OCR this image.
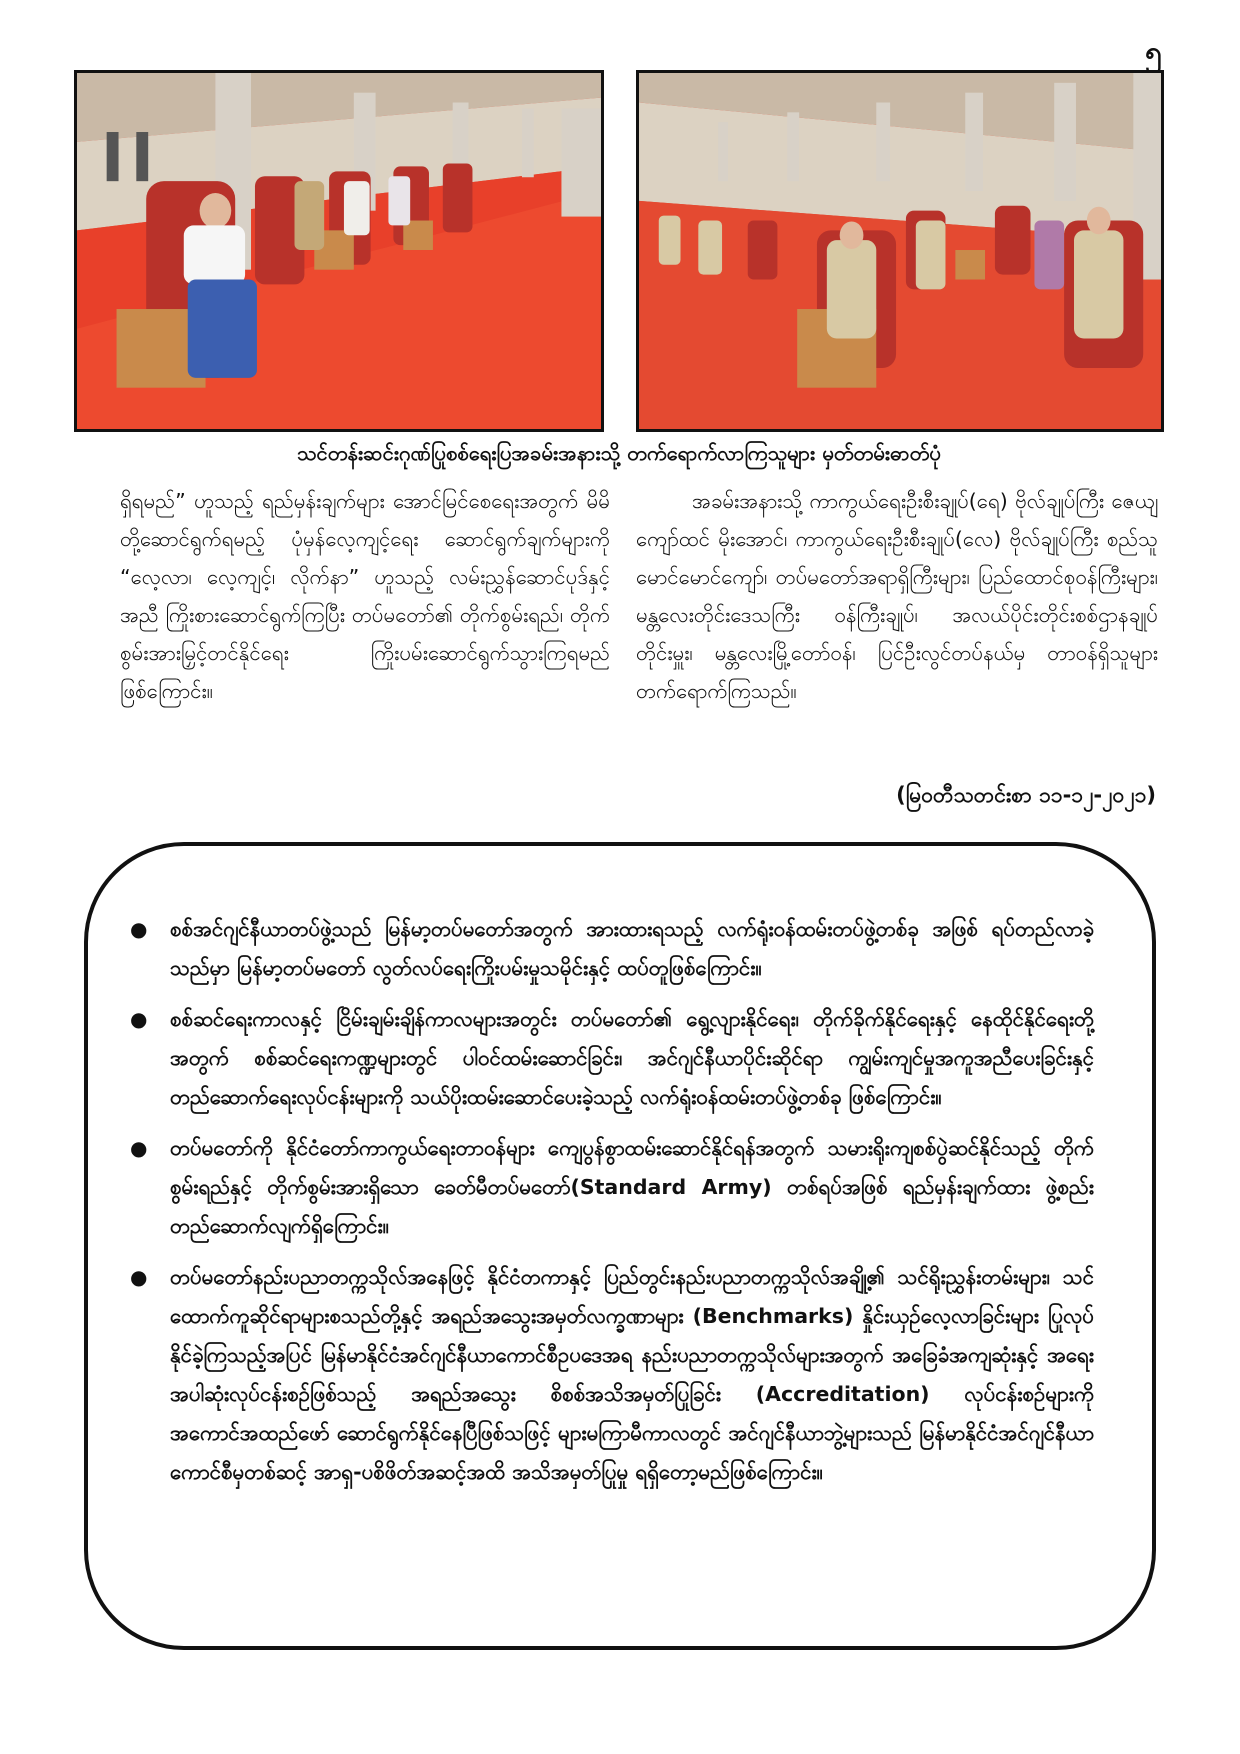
၅
သင်တန်းဆင်းဂုဏ်ပြုစစ်ရေးပြအခမ်းအနားသို့ တက်ရောက်လာကြသူများ မှတ်တမ်းဓာတ်ပုံ

ရှိရမည်” ဟူသည့် ရည်မှန်းချက်များ အောင်မြင်စေရေးအတွက် မိမိတို့ဆောင်ရွက်ရမည့် ပုံမှန်လေ့ကျင့်ရေး ဆောင်ရွက်ချက်များကို “လေ့လာ၊ လေ့ကျင့်၊ လိုက်နာ” ဟူသည့် လမ်းညွှန်ဆောင်ပုဒ်နှင့်အညီ ကြိုးစားဆောင်ရွက်ကြပြီး တပ်မတော်၏ တိုက်စွမ်းရည်၊ တိုက်စွမ်းအားမြှင့်တင်နိုင်ရေး ကြိုးပမ်းဆောင်ရွက်သွားကြရမည်ဖြစ်ကြောင်း။

အခမ်းအနားသို့ ကာကွယ်ရေးဦးစီးချုပ်(ရေ) ဗိုလ်ချုပ်ကြီး ဇေယျကျော်ထင် မိုးအောင်၊ ကာကွယ်ရေးဦးစီးချုပ်(လေ) ဗိုလ်ချုပ်ကြီး စည်သူ မောင်မောင်ကျော်၊ တပ်မတော်အရာရှိကြီးများ၊ ပြည်ထောင်စုဝန်ကြီးများ၊ မန္တလေးတိုင်းဒေသကြီး ဝန်ကြီးချုပ်၊ အလယ်ပိုင်းတိုင်းစစ်ဌာနချုပ် တိုင်းမှူး၊ မန္တလေးမြို့တော်ဝန်၊ ပြင်ဦးလွင်တပ်နယ်မှ တာဝန်ရှိသူများ တက်ရောက်ကြသည်။

(မြဝတီသတင်းစာ ၁၁-၁၂-၂၀၂၁)
● စစ်အင်ဂျင်နီယာတပ်ဖွဲ့သည် မြန်မာ့တပ်မတော်အတွက် အားထားရသည့် လက်ရုံးဝန်ထမ်းတပ်ဖွဲ့တစ်ခု အဖြစ် ရပ်တည်လာခဲ့သည်မှာ မြန်မာ့တပ်မတော် လွတ်လပ်ရေးကြိုးပမ်းမှုသမိုင်းနှင့် ထပ်တူဖြစ်ကြောင်း။
● စစ်ဆင်ရေးကာလနှင့် ငြိမ်းချမ်းချိန်ကာလများအတွင်း တပ်မတော်၏ ရွေ့လျားနိုင်ရေး၊ တိုက်ခိုက်နိုင်ရေးနှင့် နေထိုင်နိုင်ရေးတို့အတွက် စစ်ဆင်ရေးကဏ္ဍများတွင် ပါဝင်ထမ်းဆောင်ခြင်း၊ အင်ဂျင်နီယာပိုင်းဆိုင်ရာ ကျွမ်းကျင်မှုအကူအညီပေးခြင်းနှင့် တည်ဆောက်ရေးလုပ်ငန်းများကို သယ်ပိုးထမ်းဆောင်ပေးခဲ့သည့် လက်ရုံးဝန်ထမ်းတပ်ဖွဲ့တစ်ခု ဖြစ်ကြောင်း။
● တပ်မတော်ကို နိုင်ငံတော်ကာကွယ်ရေးတာဝန်များ ကျေပွန်စွာထမ်းဆောင်နိုင်ရန်အတွက် သမားရိုးကျစစ်ပွဲဆင်နိုင်သည့် တိုက်စွမ်းရည်နှင့် တိုက်စွမ်းအားရှိသော ခေတ်မီတပ်မတော်(Standard Army) တစ်ရပ်အဖြစ် ရည်မှန်းချက်ထား ဖွဲ့စည်းတည်ဆောက်လျက်ရှိကြောင်း။
● တပ်မတော်နည်းပညာတက္ကသိုလ်အနေဖြင့် နိုင်ငံတကာနှင့် ပြည်တွင်းနည်းပညာတက္ကသိုလ်အချို့၏ သင်ရိုးညွှန်းတမ်းများ၊ သင်ထောက်ကူဆိုင်ရာများစသည်တို့နှင့် အရည်အသွေးအမှတ်လက္ခဏာများ (Benchmarks) နှိုင်းယှဉ်လေ့လာခြင်းများ ပြုလုပ်နိုင်ခဲ့ကြသည့်အပြင် မြန်မာနိုင်ငံအင်ဂျင်နီယာကောင်စီဥပဒေအရ နည်းပညာတက္ကသိုလ်များအတွက် အခြေခံအကျဆုံးနှင့် အရေးအပါဆုံးလုပ်ငန်းစဉ်ဖြစ်သည့် အရည်အသွေး စိစစ်အသိအမှတ်ပြုခြင်း (Accreditation) လုပ်ငန်းစဉ်များကို အကောင်အထည်ဖော် ဆောင်ရွက်နိုင်နေပြီဖြစ်သဖြင့် များမကြာမီကာလတွင် အင်ဂျင်နီယာဘွဲ့များသည် မြန်မာနိုင်ငံအင်ဂျင်နီယာကောင်စီမှတစ်ဆင့် အာရှ-ပစိဖိတ်အဆင့်အထိ အသိအမှတ်ပြုမှု ရရှိတော့မည်ဖြစ်ကြောင်း။
